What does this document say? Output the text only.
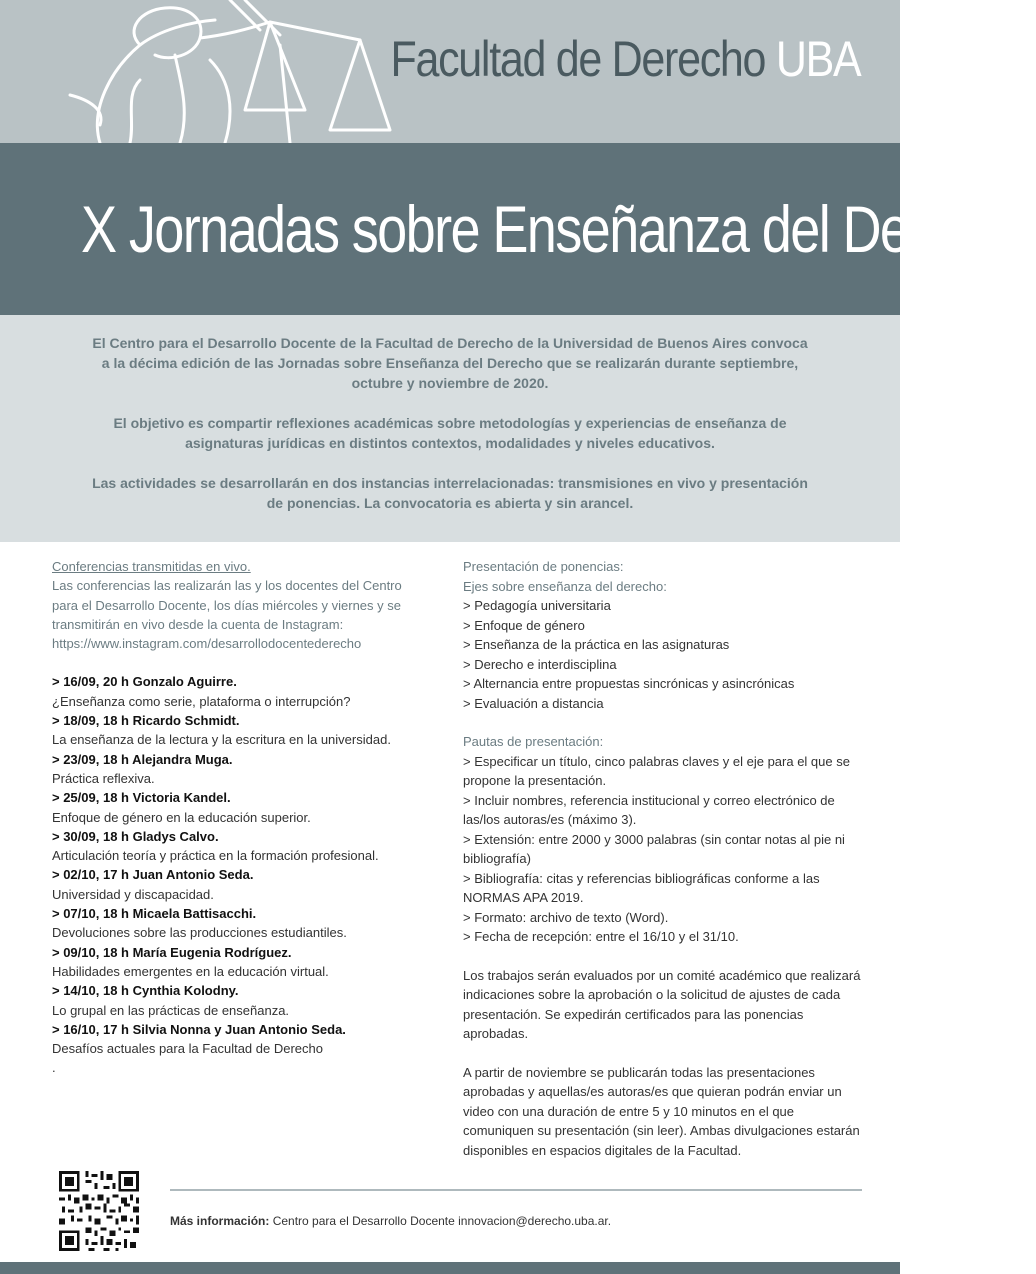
Facultad de Derecho UBA
X Jornadas sobre Enseñanza del Derecho

El Centro para el Desarrollo Docente de la Facultad de Derecho de la Universidad de Buenos Aires convoca a la décima edición de las Jornadas sobre Enseñanza del Derecho que se realizarán durante septiembre, octubre y noviembre de 2020.

El objetivo es compartir reflexiones académicas sobre metodologías y experiencias de enseñanza de asignaturas jurídicas en distintos contextos, modalidades y niveles educativos.

Las actividades se desarrollarán en dos instancias interrelacionadas: transmisiones en vivo y presentación de ponencias. La convocatoria es abierta y sin arancel.

Conferencias transmitidas en vivo.
Las conferencias las realizarán las y los docentes del Centro para el Desarrollo Docente, los días miércoles y viernes y se transmitirán en vivo desde la cuenta de Instagram:
https://www.instagram.com/desarrollodocentederecho
> 16/09, 20 h Gonzalo Aguirre.
¿Enseñanza como serie, plataforma o interrupción?
> 18/09, 18 h Ricardo Schmidt.
La enseñanza de la lectura y la escritura en la universidad.
> 23/09, 18 h Alejandra Muga.
Práctica reflexiva.
> 25/09, 18 h Victoria Kandel.
Enfoque de género en la educación superior.
> 30/09, 18 h Gladys Calvo.
Articulación teoría y práctica en la formación profesional.
> 02/10, 17 h Juan Antonio Seda.
Universidad y discapacidad.
> 07/10, 18 h Micaela Battisacchi.
Devoluciones sobre las producciones estudiantiles.
> 09/10, 18 h María Eugenia Rodríguez.
Habilidades emergentes en la educación virtual.
> 14/10, 18 h Cynthia Kolodny.
Lo grupal en las prácticas de enseñanza.
> 16/10, 17 h Silvia Nonna y Juan Antonio Seda.
Desafíos actuales para la Facultad de Derecho
.
Presentación de ponencias:
Ejes sobre enseñanza del derecho:
> Pedagogía universitaria
> Enfoque de género
> Enseñanza de la práctica en las asignaturas
> Derecho e interdisciplina
> Alternancia entre propuestas sincrónicas y asincrónicas
> Evaluación a distancia
Pautas de presentación:
> Especificar un título, cinco palabras claves y el eje para el que se propone la presentación.
> Incluir nombres, referencia institucional y correo electrónico de las/los autoras/es (máximo 3).
> Extensión: entre 2000 y 3000 palabras (sin contar notas al pie ni bibliografía)
> Bibliografía: citas y referencias bibliográficas conforme a las NORMAS APA 2019.
> Formato: archivo de texto (Word).
> Fecha de recepción: entre el 16/10 y el 31/10.
Los trabajos serán evaluados por un comité académico que realizará indicaciones sobre la aprobación o la solicitud de ajustes de cada presentación. Se expedirán certificados para las ponencias aprobadas.
A partir de noviembre se publicarán todas las presentaciones aprobadas y aquellas/es autoras/es que quieran podrán enviar un video con una duración de entre 5 y 10 minutos en el que comuniquen su presentación (sin leer). Ambas divulgaciones estarán disponibles en espacios digitales de la Facultad.
Más información: Centro para el Desarrollo Docente innovacion@derecho.uba.ar.
